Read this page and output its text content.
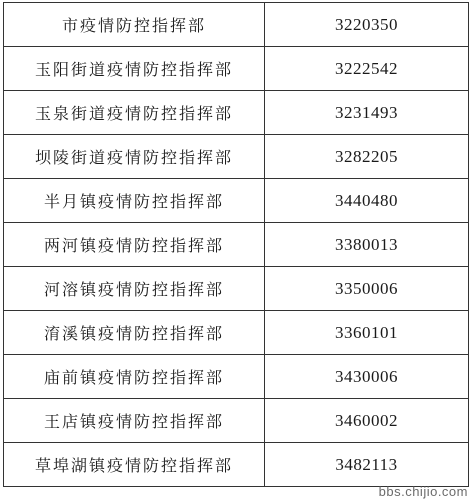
市疫情防控指挥部	3220350
玉阳街道疫情防控指挥部	3222542
玉泉街道疫情防控指挥部	3231493
坝陵街道疫情防控指挥部	3282205
半月镇疫情防控指挥部	3440480
两河镇疫情防控指挥部	3380013
河溶镇疫情防控指挥部	3350006
淯溪镇疫情防控指挥部	3360101
庙前镇疫情防控指挥部	3430006
王店镇疫情防控指挥部	3460002
草埠湖镇疫情防控指挥部	3482113
bbs.chijio.com
